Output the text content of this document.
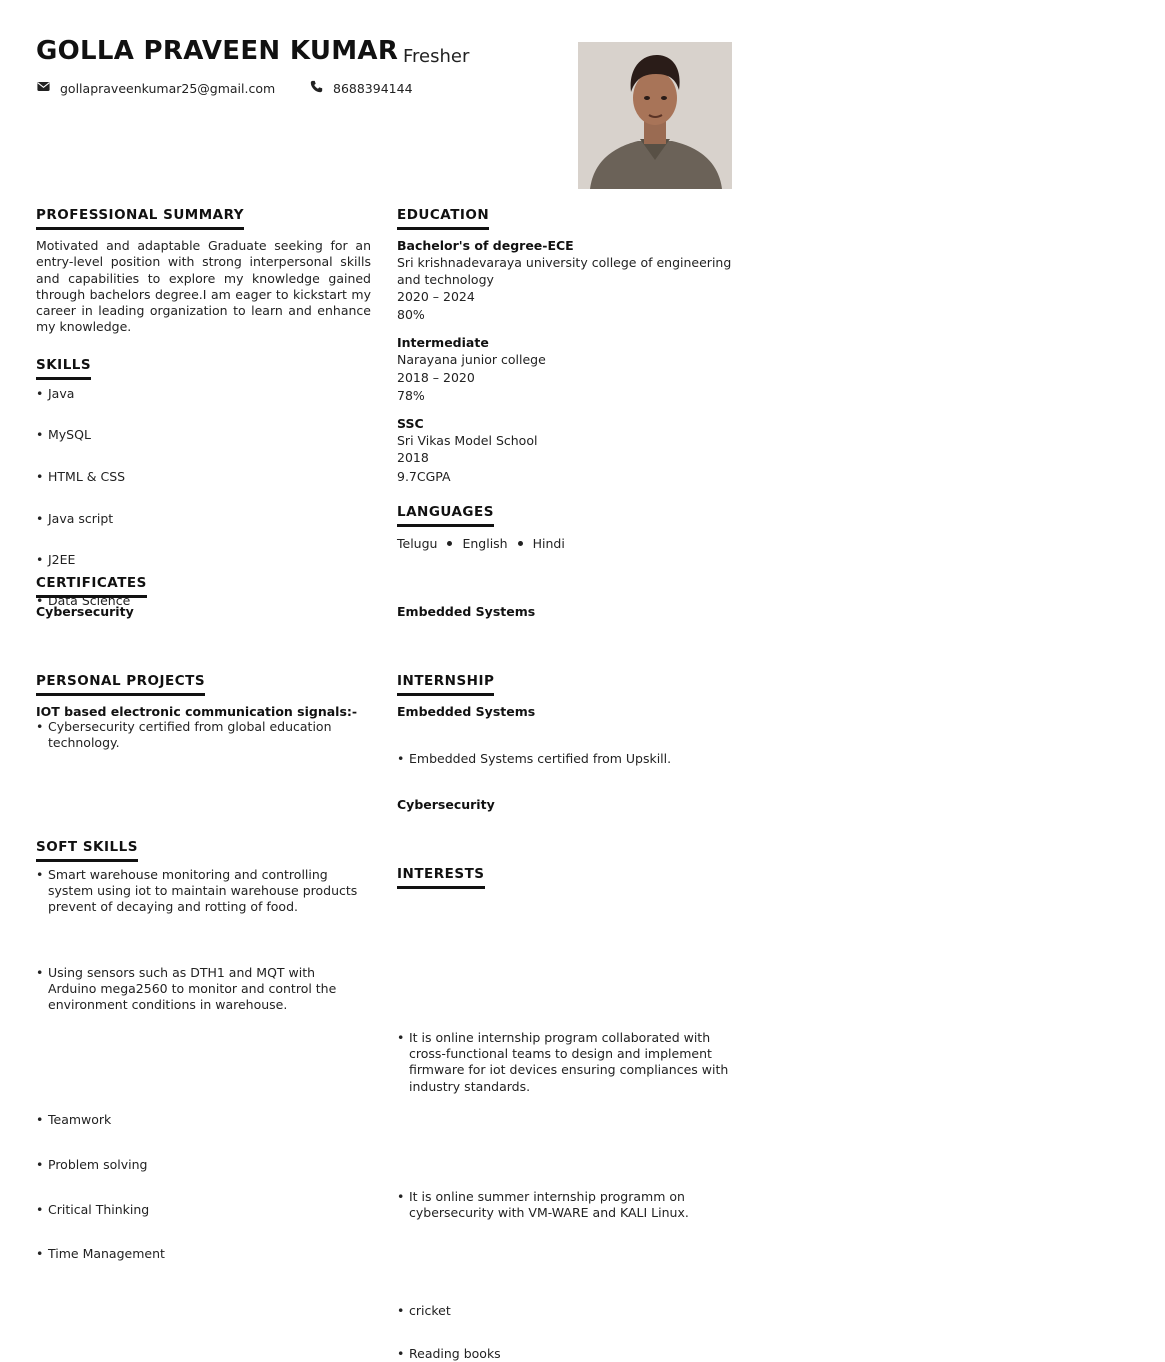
GOLLA PRAVEEN KUMAR Fresher
gollapraveenkumar25@gmail.com	8688394144
PROFESSIONAL SUMMARY
Motivated and adaptable Graduate seeking for an entry-level position with strong interpersonal skills and capabilities to explore my knowledge gained through bachelors degree.I am eager to kickstart my career in leading organization to learn and enhance my knowledge.
SKILLS
• Java
• MySQL
• HTML & CSS
• Java script
• J2EE
• Data Science
EDUCATION
Bachelor's of degree-ECE
Sri krishnadevaraya university college of engineering
and technology
2020 – 2024
80%
Intermediate
Narayana junior college
2018 – 2020
78%
SSC
Sri Vikas Model School
2018
9.7CGPA
LANGUAGES
Telugu English Hindi
CERTIFICATES
Cybersecurity
• Cybersecurity certified from global education technology.
Embedded Systems
• Embedded Systems certified from Upskill.
PERSONAL PROJECTS
IOT based electronic communication signals:-
• Smart warehouse monitoring and controlling system using iot to maintain warehouse products prevent of decaying and rotting of food.
• Using sensors such as DTH1 and MQT with Arduino mega2560 to monitor and control the environment conditions in warehouse.
SOFT SKILLS
• Teamwork
• Problem solving
• Critical Thinking
• Time Management
INTERNSHIP
Embedded Systems
• It is online internship program collaborated with cross-functional teams to design and implement firmware for iot devices ensuring compliances with industry standards.
Cybersecurity
• It is online summer internship programm on cybersecurity with VM-WARE and KALI Linux.
INTERESTS
• cricket
• Reading books
